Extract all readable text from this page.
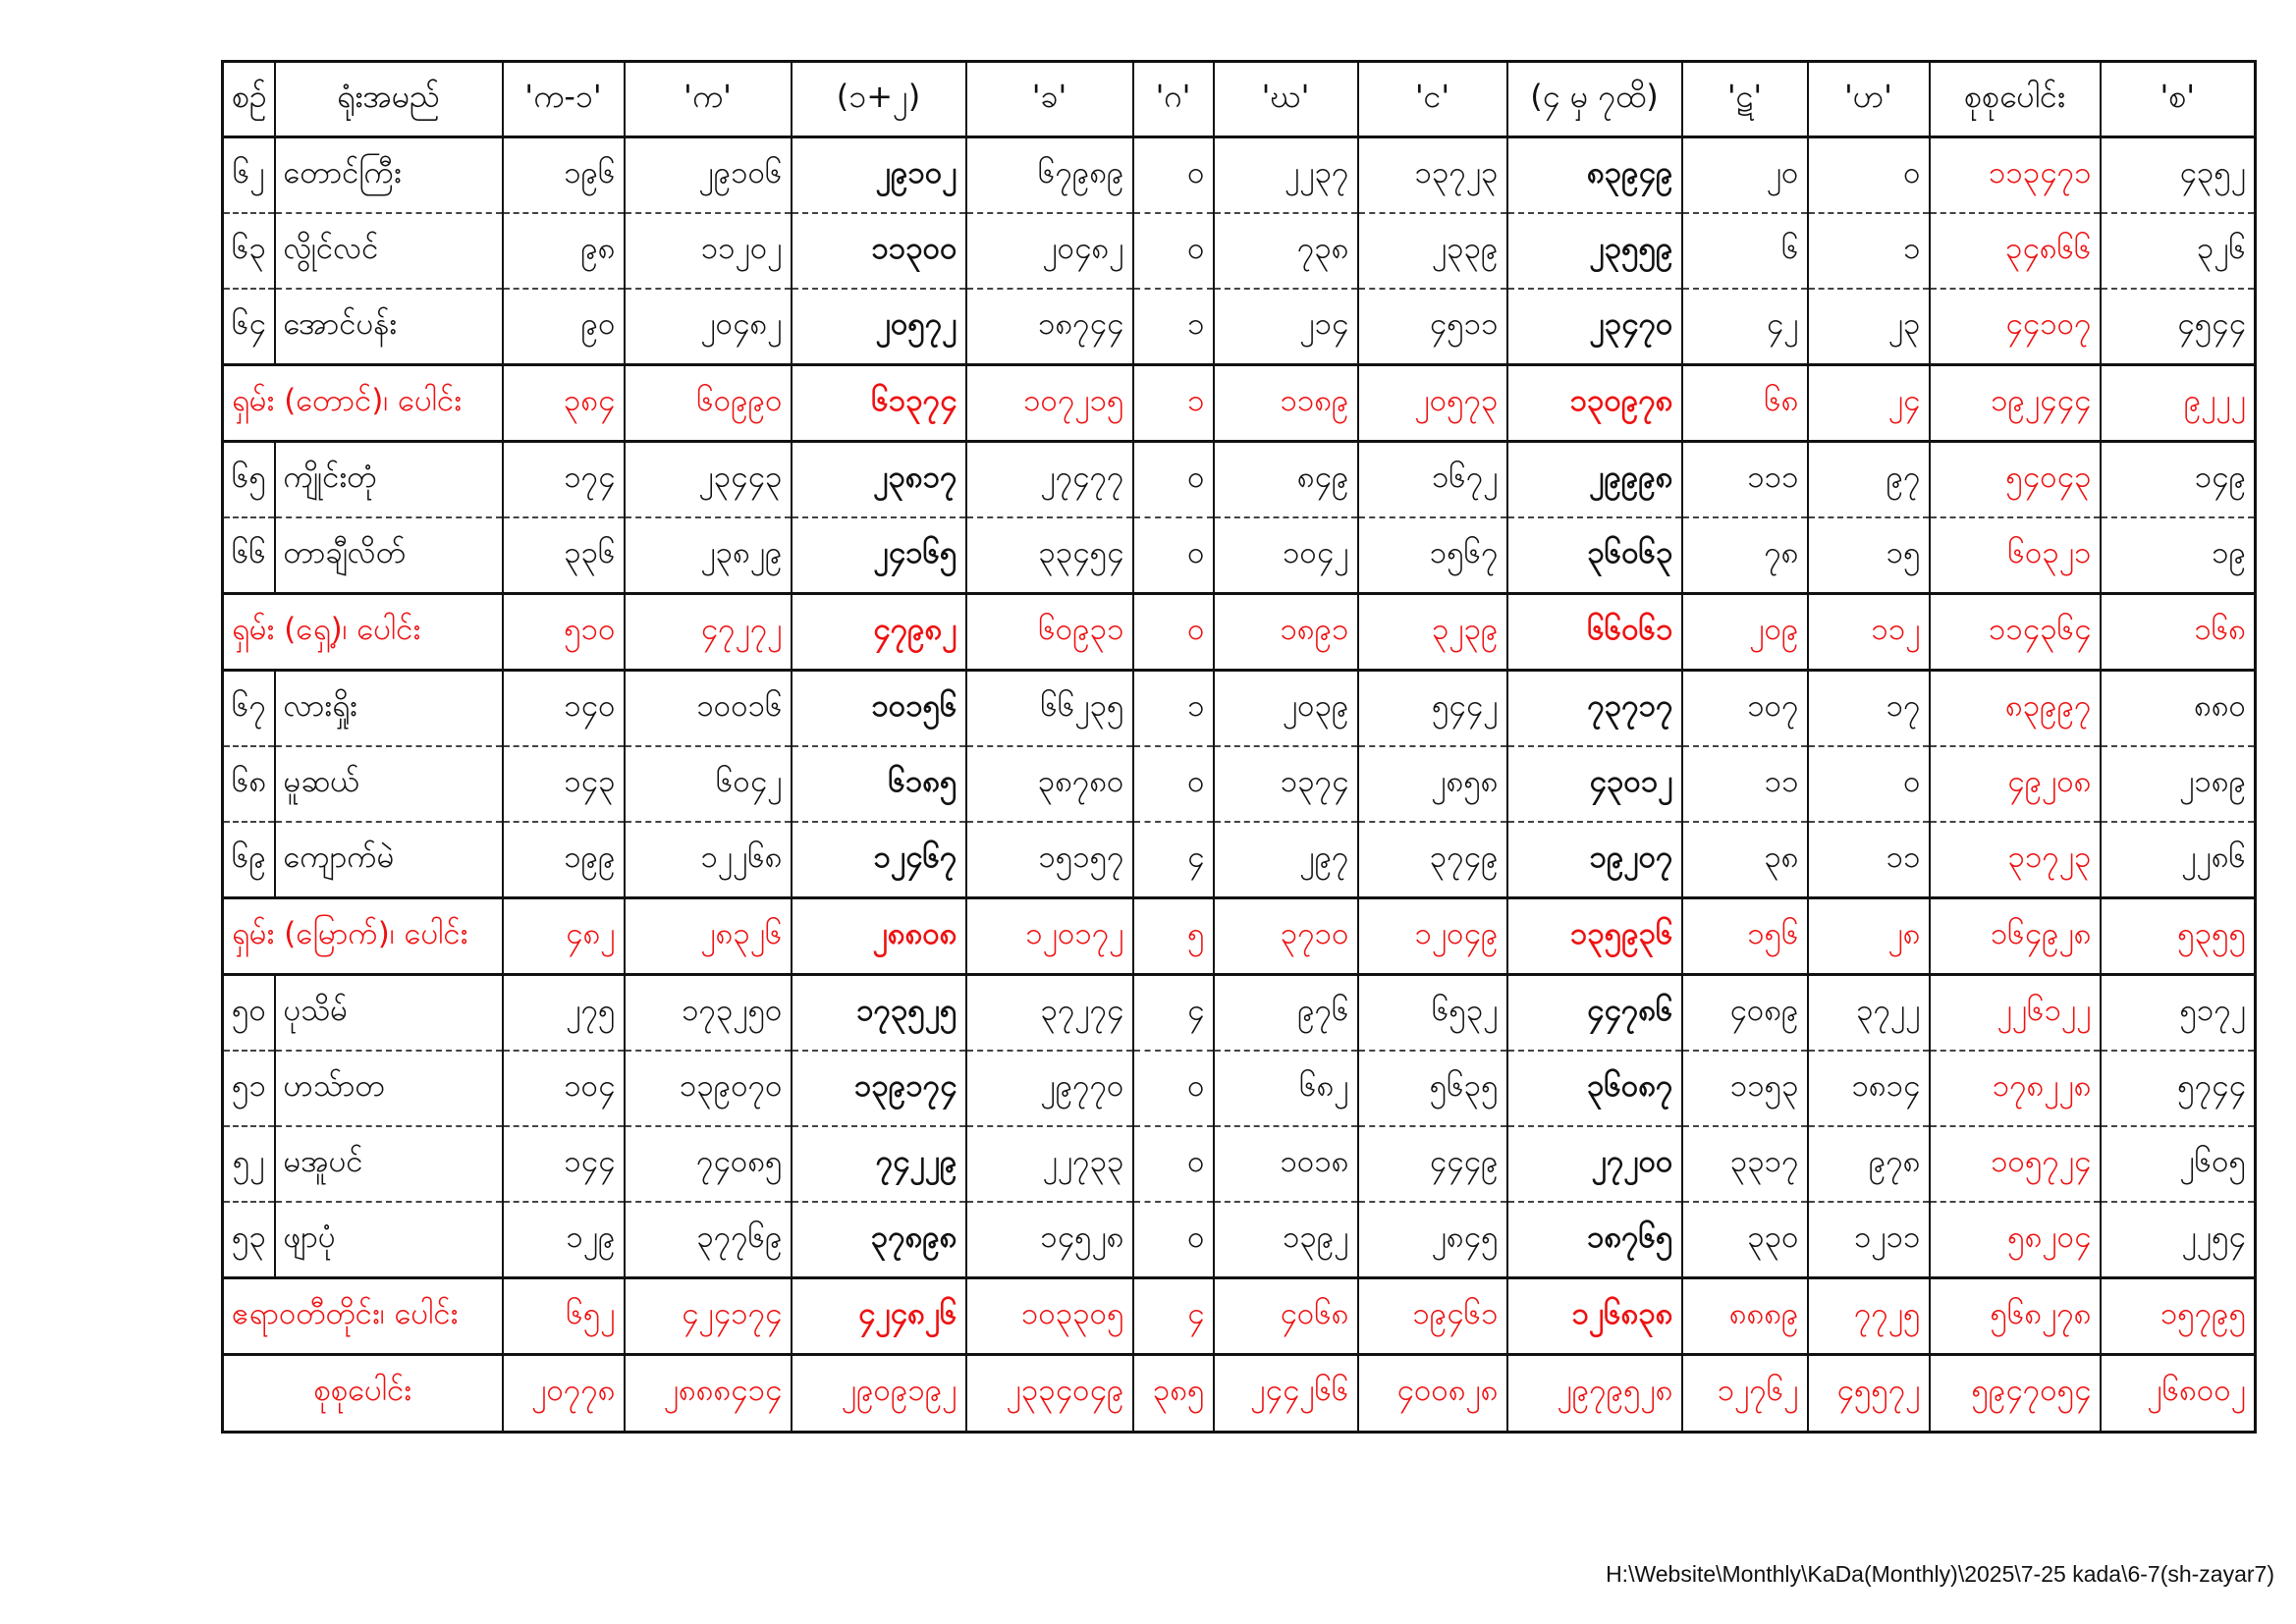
စဉ်	ရုံးအမည်	'က-၁'	'က'	(၁+၂)	'ခ'	'ဂ'	'ဃ'	'င'	(၄ မှ ၇ထိ)	'ဋ'	'ဟ'	စုစုပေါင်း	'စ'
၆၂	တောင်ကြီး	၁၉၆	၂၉၁၀၆	၂၉၁၀၂	၆၇၉၈၉	၀	၂၂၃၇	၁၃၇၂၃	၈၃၉၄၉	၂၀	၀	၁၁၃၄၇၁	၄၃၅၂
၆၃	လွိုင်လင်	၉၈	၁၁၂၀၂	၁၁၃၀၀	၂၀၄၈၂	၀	၇၃၈	၂၃၃၉	၂၃၅၅၉	၆	၁	၃၄၈၆၆	၃၂၆
၆၄	အောင်ပန်း	၉၀	၂၀၄၈၂	၂၀၅၇၂	၁၈၇၄၄	၁	၂၁၄	၄၅၁၁	၂၃၄၇၀	၄၂	၂၃	၄၄၁၀၇	၄၅၄၄
ရှမ်း (တောင်)၊ ပေါင်း		၃၈၄	၆၀၉၉၀	၆၁၃၇၄	၁၀၇၂၁၅	၁	၁၁၈၉	၂၀၅၇၃	၁၃၀၉၇၈	၆၈	၂၄	၁၉၂၄၄၄	၉၂၂၂
၆၅	ကျိုင်းတုံ	၁၇၄	၂၃၄၄၃	၂၃၈၁၇	၂၇၄၇၇	၀	၈၄၉	၁၆၇၂	၂၉၉၉၈	၁၁၁	၉၇	၅၄၀၄၃	၁၄၉
၆၆	တာချီလိတ်	၃၃၆	၂၃၈၂၉	၂၄၁၆၅	၃၃၄၅၄	၀	၁၀၄၂	၁၅၆၇	၃၆၀၆၃	၇၈	၁၅	၆၀၃၂၁	၁၉
ရှမ်း (ရှေ့)၊ ပေါင်း		၅၁၀	၄၇၂၇၂	၄၇၉၈၂	၆၀၉၃၁	၀	၁၈၉၁	၃၂၃၉	၆၆၀၆၁	၂၀၉	၁၁၂	၁၁၄၃၆၄	၁၆၈
၆၇	လားရှိုး	၁၄၀	၁၀၀၁၆	၁၀၁၅၆	၆၆၂၃၅	၁	၂၀၃၉	၅၄၄၂	၇၃၇၁၇	၁၀၇	၁၇	၈၃၉၉၇	၈၈၀
၆၈	မူဆယ်	၁၄၃	၆၀၄၂	၆၁၈၅	၃၈၇၈၀	၀	၁၃၇၄	၂၈၅၈	၄၃၀၁၂	၁၁	၀	၄၉၂၀၈	၂၁၈၉
၆၉	ကျောက်မဲ	၁၉၉	၁၂၂၆၈	၁၂၄၆၇	၁၅၁၅၇	၄	၂၉၇	၃၇၄၉	၁၉၂၀၇	၃၈	၁၁	၃၁၇၂၃	၂၂၈၆
ရှမ်း (မြောက်)၊ ပေါင်း		၄၈၂	၂၈၃၂၆	၂၈၈၀၈	၁၂၀၁၇၂	၅	၃၇၁၀	၁၂၀၄၉	၁၃၅၉၃၆	၁၅၆	၂၈	၁၆၄၉၂၈	၅၃၅၅
၅၀	ပုသိမ်	၂၇၅	၁၇၃၂၅၀	၁၇၃၅၂၅	၃၇၂၇၄	၄	၉၇၆	၆၅၃၂	၄၄၇၈၆	၄၀၈၉	၃၇၂၂	၂၂၆၁၂၂	၅၁၇၂
၅၁	ဟသ်ာတ	၁၀၄	၁၃၉၀၇၀	၁၃၉၁၇၄	၂၉၇၇၀	၀	၆၈၂	၅၆၃၅	၃၆၀၈၇	၁၁၅၃	၁၈၁၄	၁၇၈၂၂၈	၅၇၄၄
၅၂	မအူပင်	၁၄၄	၇၄၀၈၅	၇၄၂၂၉	၂၂၇၃၃	၀	၁၀၁၈	၄၄၄၉	၂၇၂၀၀	၃၃၁၇	၉၇၈	၁၀၅၇၂၄	၂၆၀၅
၅၃	ဖျာပုံ	၁၂၉	၃၇၇၆၉	၃၇၈၉၈	၁၄၅၂၈	၀	၁၃၉၂	၂၈၄၅	၁၈၇၆၅	၃၃၀	၁၂၁၁	၅၈၂၀၄	၂၂၅၄
ဧရာဝတီတိုင်း၊ ပေါင်း		၆၅၂	၄၂၄၁၇၄	၄၂၄၈၂၆	၁၀၃၃၀၅	၄	၄၀၆၈	၁၉၄၆၁	၁၂၆၈၃၈	၈၈၈၉	၇၇၂၅	၅၆၈၂၇၈	၁၅၇၉၅
စုစုပေါင်း		၂၀၇၇၈	၂၈၈၈၄၁၄	၂၉၀၉၁၉၂	၂၃၃၄၀၄၉	၃၈၅	၂၄၄၂၆၆	၄၀၀၈၂၈	၂၉၇၉၅၂၈	၁၂၇၆၂	၄၅၅၇၂	၅၉၄၇၀၅၄	၂၆၈၀၀၂
H:\Website\Monthly\KaDa(Monthly)\2025\7-25 kada\6-7(sh-zayar7)
